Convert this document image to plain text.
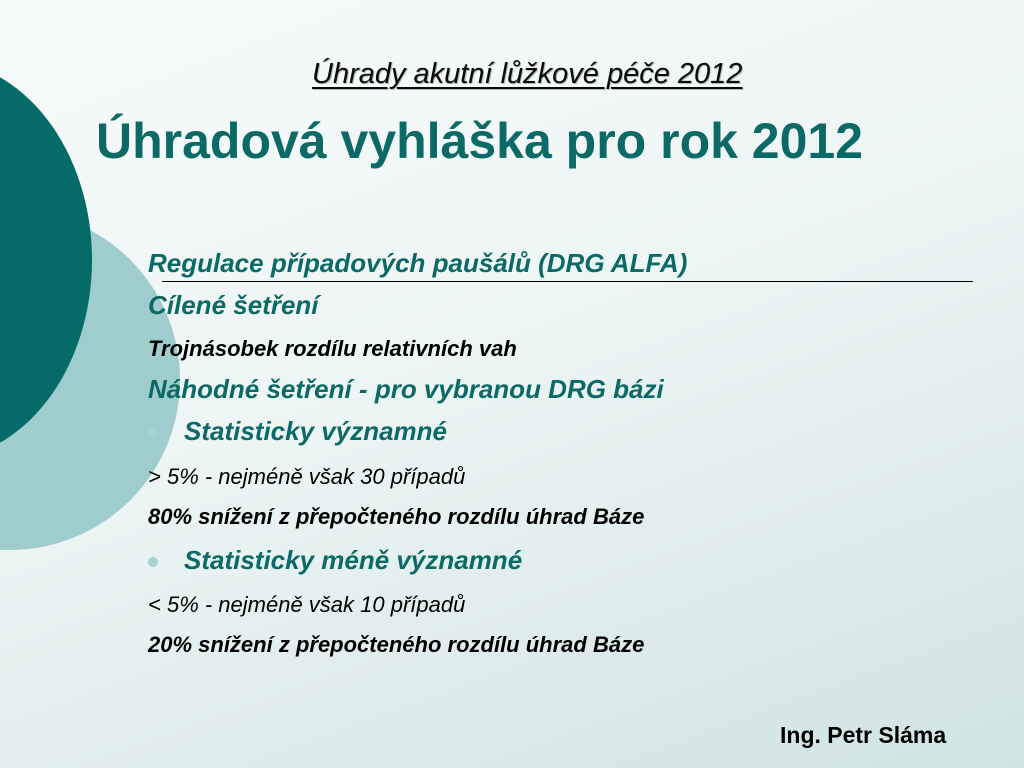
Úhrady akutní lůžkové péče 2012
Úhradová vyhláška pro rok 2012
Regulace případových paušálů (DRG ALFA)
Cílené šetření
Trojnásobek rozdílu relativních vah
Náhodné šetření - pro vybranou DRG bázi
Statisticky významné
> 5% - nejméně však 30 případů
80% snížení z přepočteného rozdílu úhrad Báze
Statisticky méně významné
< 5% - nejméně však 10 případů
20% snížení z přepočteného rozdílu úhrad Báze
Ing. Petr Sláma
